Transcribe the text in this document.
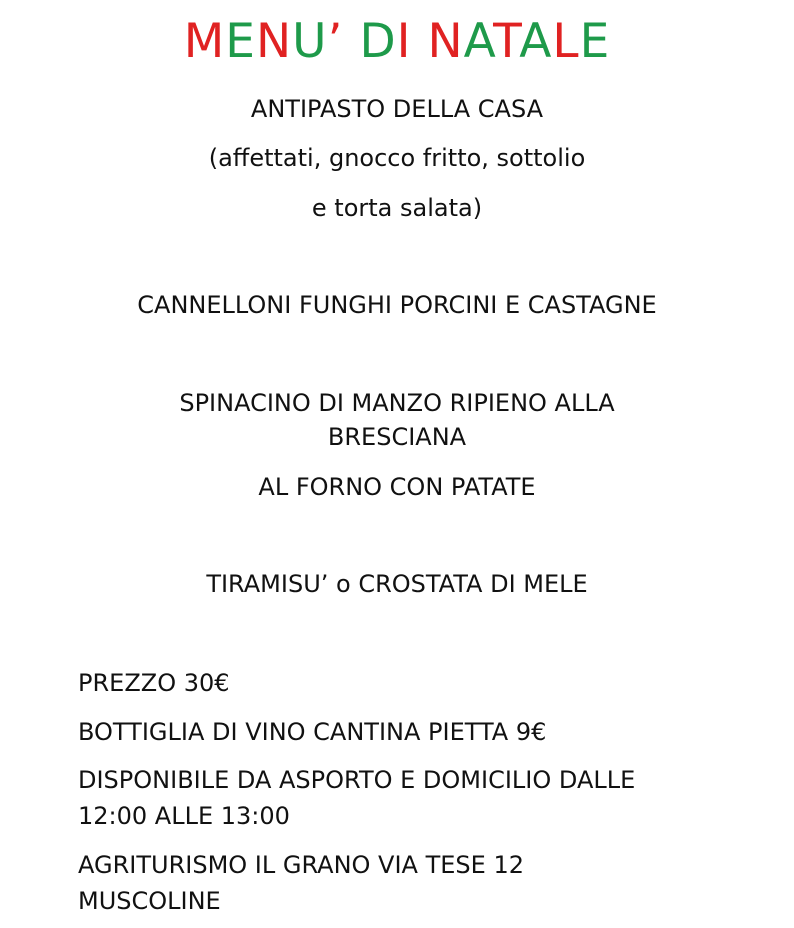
MENU’ DI NATALE
ANTIPASTO DELLA CASA
(affettati, gnocco fritto, sottolio
e torta salata)
CANNELLONI FUNGHI PORCINI E CASTAGNE
SPINACINO DI MANZO RIPIENO ALLA
BRESCIANA
AL FORNO CON PATATE
TIRAMISU’ o CROSTATA DI MELE
PREZZO 30€
BOTTIGLIA DI VINO CANTINA PIETTA 9€
DISPONIBILE DA ASPORTO E DOMICILIO DALLE
12:00 ALLE 13:00
AGRITURISMO IL GRANO VIA TESE 12
MUSCOLINE
